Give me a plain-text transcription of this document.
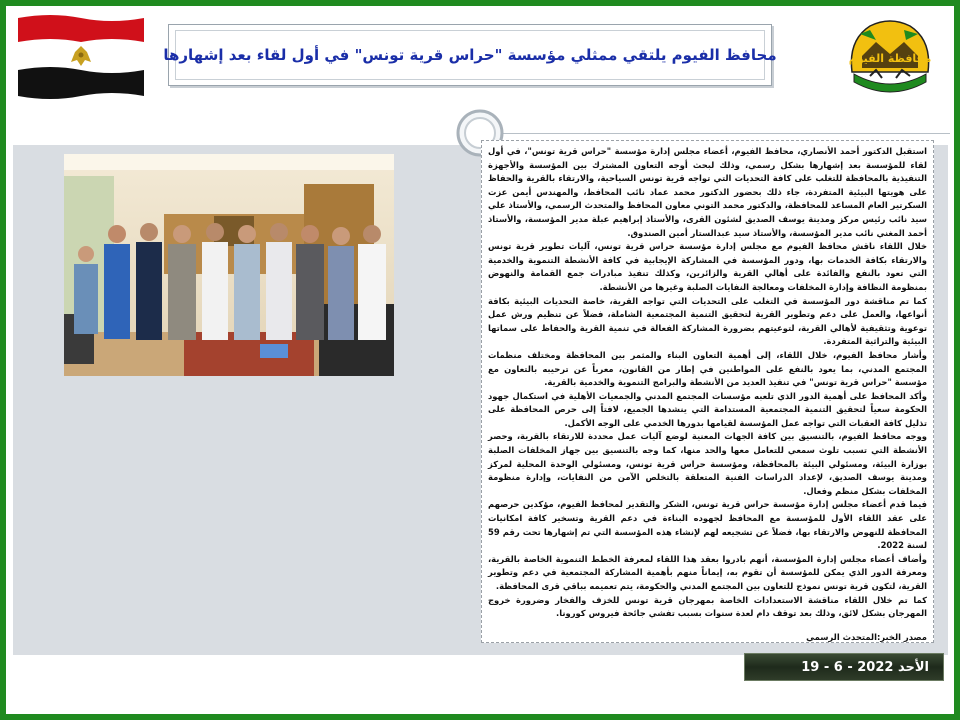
محافظة الفيوم
محافظ الفيوم يلتقي ممثلي مؤسسة "حراس قرية تونس" في أول لقاء بعد إشهارها

استقبل الدكتور أحمد الأنصاري، محافظ الفيوم، أعضاء مجلس إدارة مؤسسة "حراس قرية تونس"، في أول لقاء للمؤسسة بعد إشهارها بشكل رسمي، وذلك لبحث أوجه التعاون المشترك بين المؤسسة والأجهزة التنفيذية بالمحافظة للتغلب على كافة التحديات التي تواجه قرية تونس السياحية، والارتقاء بالقرية والحفاظ على هويتها البيئية المتفردة، جاء ذلك بحضور الدكتور محمد عماد نائب المحافظ، والمهندس أيمن عزت السكرتير العام المساعد للمحافظة، والدكتور محمد التوني معاون المحافظ والمتحدث الرسمي، والأستاذ علي سيد نائب رئيس مركز ومدينة يوسف الصديق لشئون القرى، والأستاذ إبراهيم عبلة مدير المؤسسة، والأستاذ أحمد المغني نائب مدير المؤسسة، والأستاذ سيد عبدالستار أمين الصندوق.

خلال اللقاء ناقش محافظ الفيوم مع مجلس إدارة مؤسسة حراس قرية تونس، آليات تطوير قرية تونس والارتقاء بكافة الخدمات بها، ودور المؤسسة في المشاركة الإيجابية في كافة الأنشطة التنموية والخدمية التي تعود بالنفع والفائدة على أهالي القرية والزائرين، وكذلك تنفيذ مبادرات جمع القمامة والنهوض بمنظومة النظافة وإدارة المخلفات ومعالجة النفايات الصلبة وغيرها من الأنشطة.

كما تم مناقشة دور المؤسسة في التغلب على التحديات التي تواجه القرية، خاصة التحديات البيئية بكافة أنواعها، والعمل على دعم وتطوير القرية لتحقيق التنمية المجتمعية الشاملة، فضلاً عن تنظيم ورش عمل توعوية وتثقيفية لأهالي القرية، لتوعيتهم بضرورة المشاركة الفعالة في تنمية القرية والحفاظ على سماتها البيئية والتراثية المتفردة.

وأشار محافظ الفيوم، خلال اللقاء، إلى أهمية التعاون البناء والمثمر بين المحافظة ومختلف منظمات المجتمع المدني، بما يعود بالنفع على المواطنين في إطار من القانون، معرباً عن ترحيبه بالتعاون مع مؤسسة "حراس قرية تونس" في تنفيذ العديد من الأنشطة والبرامج التنموية والخدمية بالقرية.

وأكد المحافظ على أهمية الدور الذي تلعبه مؤسسات المجتمع المدني والجمعيات الأهلية في استكمال جهود الحكومة سعياً لتحقيق التنمية المجتمعية المستدامة التي ينشدها الجميع، لافتاً إلى حرص المحافظة على تذليل كافة العقبات التي تواجه عمل المؤسسة لقيامها بدورها الخدمي على الوجه الأكمل.

ووجه محافظ الفيوم، بالتنسيق بين كافة الجهات المعنية لوضع آليات عمل محددة للارتقاء بالقرية، وحصر الأنشطة التي تسبب تلوث سمعي للتعامل معها والحد منها، كما وجه بالتنسيق بين جهاز المخلفات الصلبة بوزارة البيئة، ومسئولي البيئة بالمحافظة، ومؤسسة حراس قرية تونس، ومسئولي الوحدة المحلية لمركز ومدينة يوسف الصديق، لإعداد الدراسات الفنية المتعلقة بالتخلص الآمن من النفايات، وإدارة منظومة المخلفات بشكل منظم وفعال.

فيما قدم أعضاء مجلس إدارة مؤسسة حراس قرية تونس، الشكر والتقدير لمحافظ الفيوم، مؤكدين حرصهم على عقد اللقاء الأول للمؤسسة مع المحافظ لجهوده البناءة في دعم القرية وتسخير كافة امكانيات المحافظة للنهوض والارتقاء بها، فضلاً عن تشجيعه لهم لإنشاء هذه المؤسسة التي تم إشهارها تحت رقم 59 لسنة 2022.

وأضاف أعضاء مجلس إدارة المؤسسة، أنهم بادروا بعقد هذا اللقاء لمعرفة الخطط التنموية الخاصة بالقرية، ومعرفة الدور الذي يمكن للمؤسسة أن تقوم به، إيماناً منهم بأهمية المشاركة المجتمعية في دعم وتطوير القرية، لتكون قرية تونس نموذج للتعاون بين المجتمع المدني والحكومة، يتم تعميمه بباقي قرى المحافظة.

كما تم خلال اللقاء مناقشة الاستعدادات الخاصة بمهرجان قرية تونس للخزف والفخار وضرورة خروج المهرجان بشكل لائق، وذلك بعد توقف دام لعدة سنوات بسبب تفشي جائحة فيروس كورونا.

مصدر الخبر:المتحدث الرسمي

الأحد 19 - 6 - 2022
